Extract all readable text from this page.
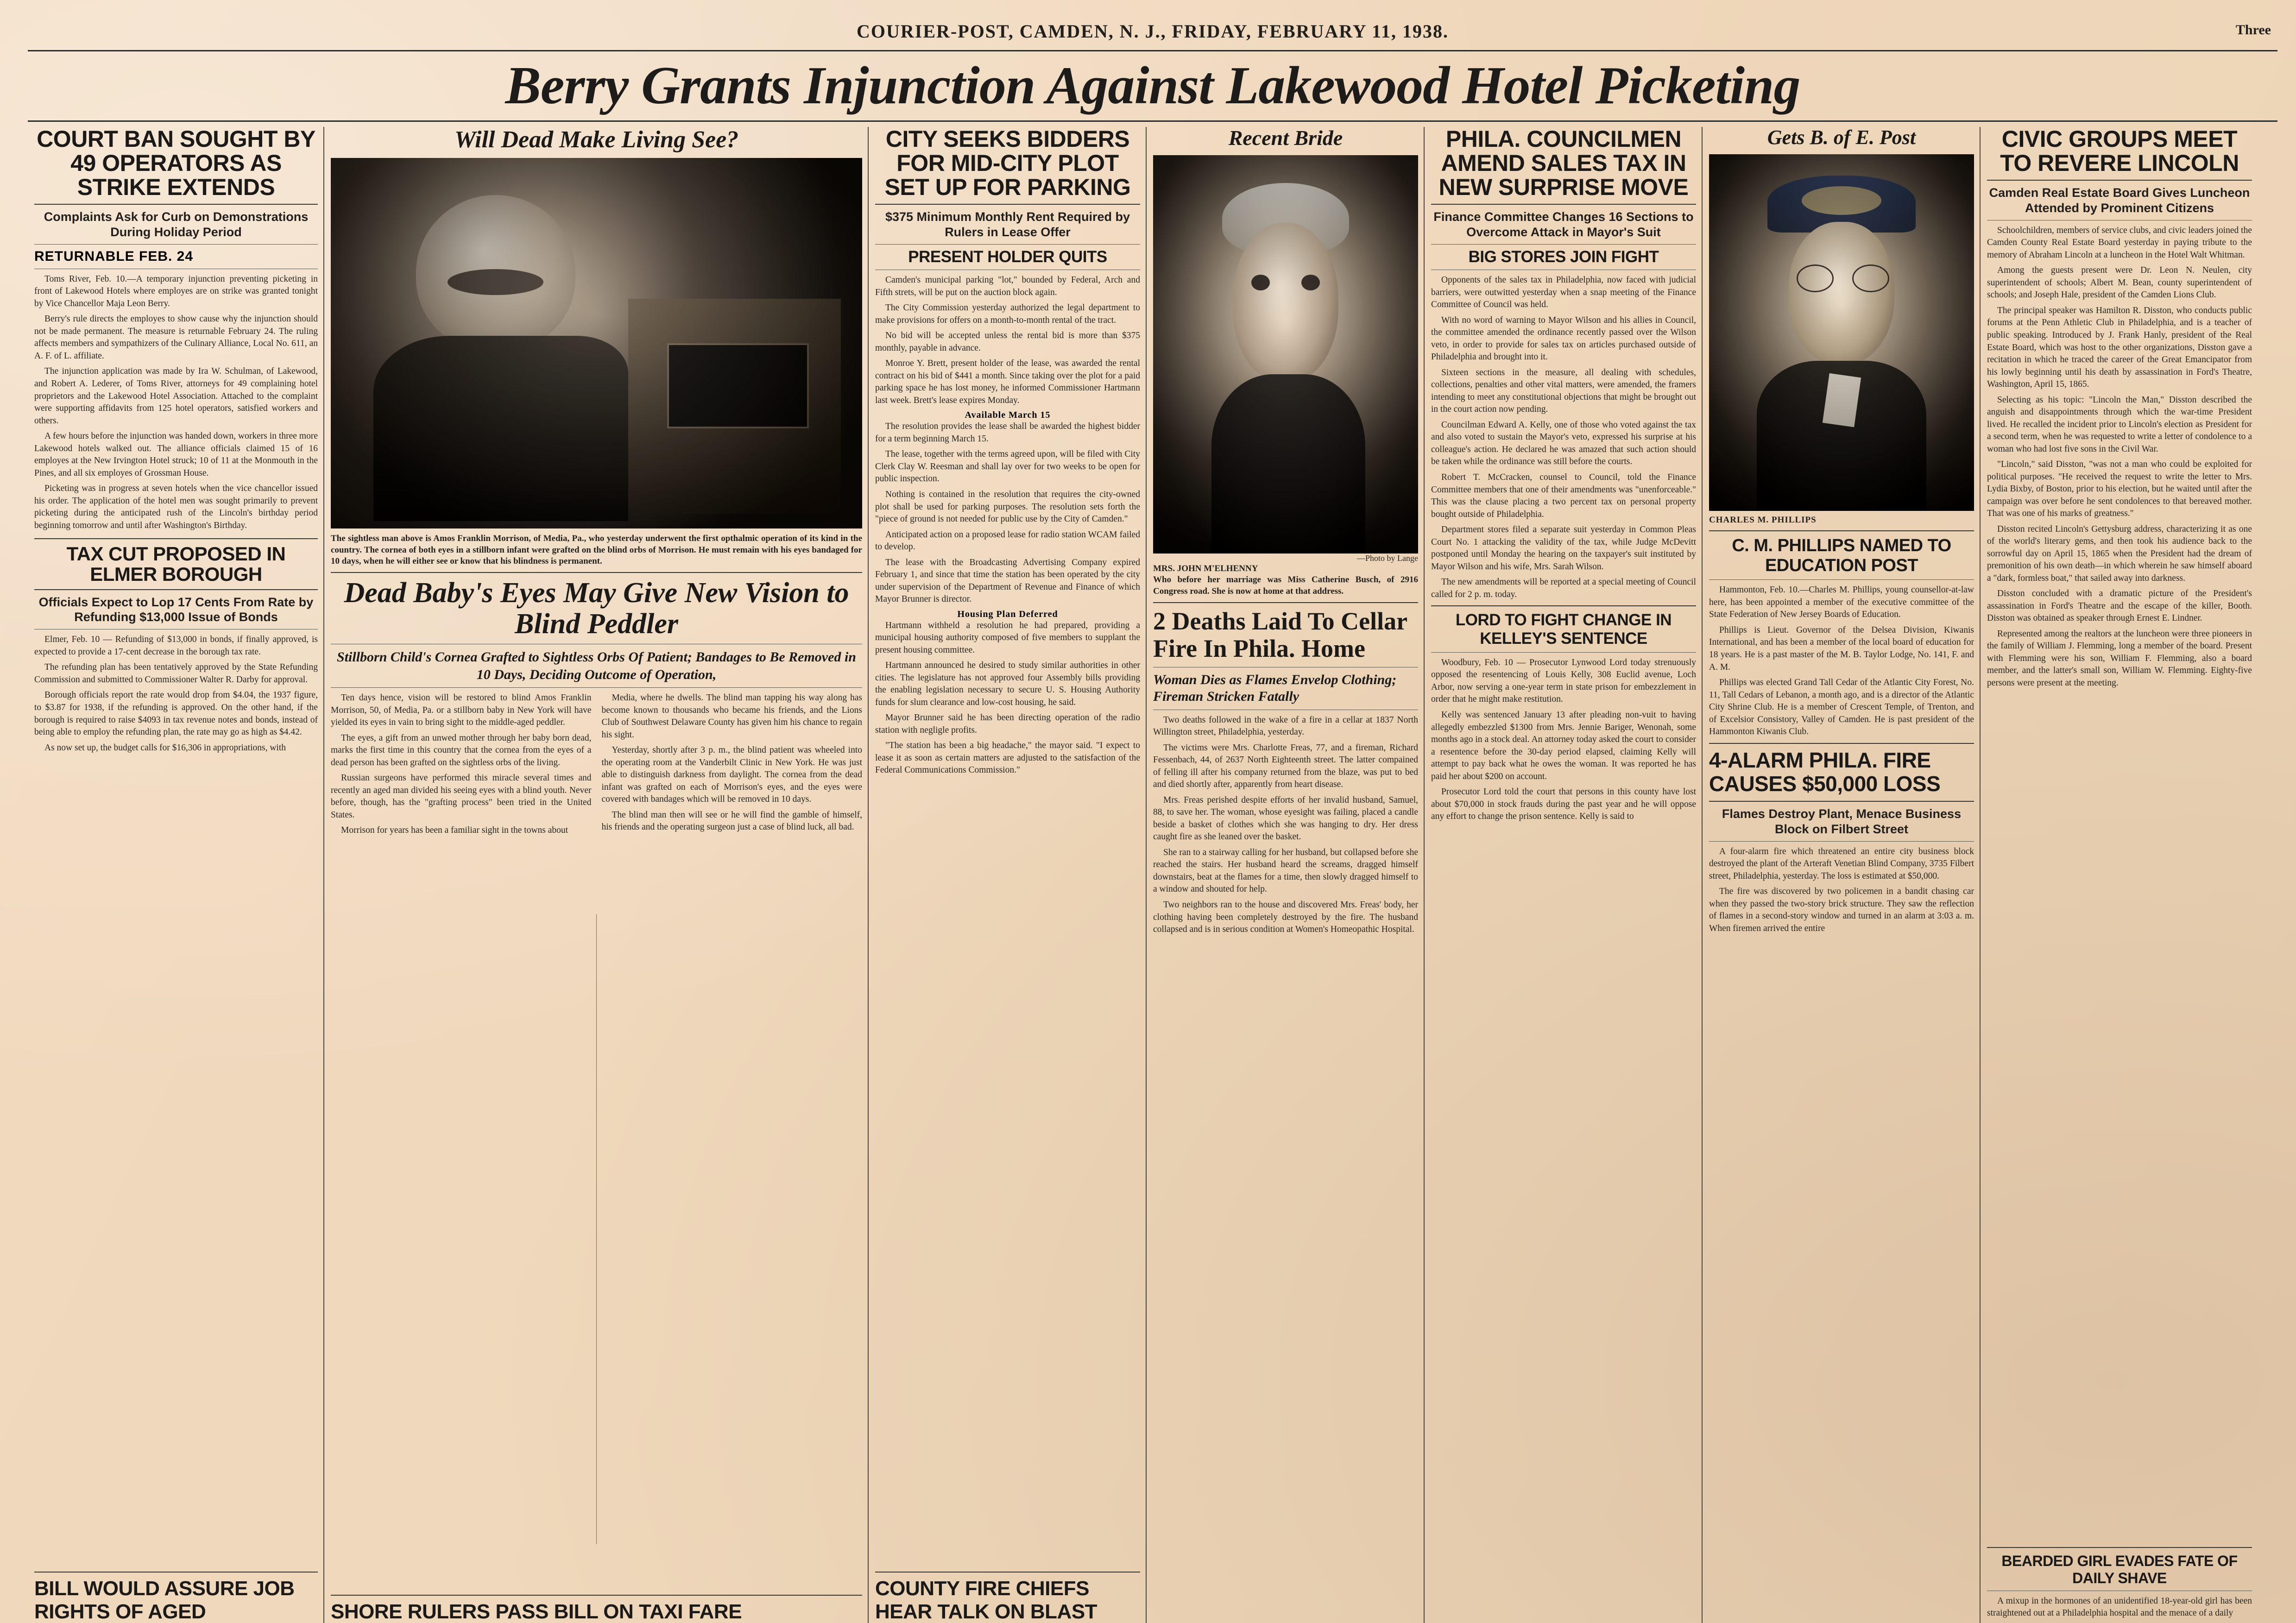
COURIER-POST, CAMDEN, N. J., FRIDAY, FEBRUARY 11, 1938.	Three
Berry Grants Injunction Against Lakewood Hotel Picketing
COURT BAN SOUGHT BY 49 OPERATORS AS STRIKE EXTENDS
Complaints Ask for Curb on Demonstrations During Holiday Period
RETURNABLE FEB. 24

Toms River, Feb. 10.—A temporary injunction preventing picketing in front of Lakewood Hotels where employes are on strike was granted tonight by Vice Chancellor Maja Leon Berry.

Berry's rule directs the employes to show cause why the injunction should not be made permanent. The measure is returnable February 24. The ruling affects members and sympathizers of the Culinary Alliance, Local No. 611, an A. F. of L. affiliate.

The injunction application was made by Ira W. Schulman, of Lakewood, and Robert A. Lederer, of Toms River, attorneys for 49 complaining hotel proprietors and the Lakewood Hotel Association. Attached to the complaint were supporting affidavits from 125 hotel operators, satisfied workers and others.

A few hours before the injunction was handed down, workers in three more Lakewood hotels walked out. The alliance officials claimed 15 of 16 employes at the New Irvington Hotel struck; 10 of 11 at the Monmouth in the Pines, and all six employes of Grossman House.

Picketing was in progress at seven hotels when the vice chancellor issued his order. The application of the hotel men was sought primarily to prevent picketing during the anticipated rush of the Lincoln's birthday period beginning tomorrow and until after Washington's Birthday.

TAX CUT PROPOSED IN ELMER BOROUGH
Officials Expect to Lop 17 Cents From Rate by Refunding $13,000 Issue of Bonds

Elmer, Feb. 10 — Refunding of $13,000 in bonds, if finally approved, is expected to provide a 17-cent decrease in the borough tax rate.

The refunding plan has been tentatively approved by the State Refunding Commission and submitted to Commissioner Walter R. Darby for approval.

Borough officials report the rate would drop from $4.04, the 1937 figure, to $3.87 for 1938, if the refunding is approved. On the other hand, if the borough is required to raise $4093 in tax revenue notes and bonds, instead of being able to employ the refunding plan, the rate may go as high as $4.42.

As now set up, the budget calls for $16,306 in appropriations, with

BILL WOULD ASSURE JOB RIGHTS OF AGED
Will Dead Make Living See?
The sightless man above is Amos Franklin Morrison, of Media, Pa., who yesterday underwent the first opthalmic operation of its kind in the country. The cornea of both eyes in a stillborn infant were grafted on the blind orbs of Morrison. He must remain with his eyes bandaged for 10 days, when he will either see or know that his blindness is permanent.
Dead Baby's Eyes May Give New Vision to Blind Peddler
Stillborn Child's Cornea Grafted to Sightless Orbs Of Patient; Bandages to Be Removed in 10 Days, Deciding Outcome of Operation,

Ten days hence, vision will be restored to blind Amos Franklin Morrison, 50, of Media, Pa. or a stillborn baby in New York will have yielded its eyes in vain to bring sight to the middle-aged peddler.

The eyes, a gift from an unwed mother through her baby born dead, marks the first time in this country that the cornea from the eyes of a dead person has been grafted on the sightless orbs of the living.

Russian surgeons have performed this miracle several times and recently an aged man divided his seeing eyes with a blind youth. Never before, though, has the "grafting process" been tried in the United States.

Morrison for years has been a familiar sight in the towns about

Media, where he dwells. The blind man tapping his way along has become known to thousands who became his friends, and the Lions Club of Southwest Delaware County has given him his chance to regain his sight.

Yesterday, shortly after 3 p. m., the blind patient was wheeled into the operating room at the Vanderbilt Clinic in New York. He was just able to distinguish darkness from daylight. The cornea from the dead infant was grafted on each of Morrison's eyes, and the eyes were covered with bandages which will be removed in 10 days.

The blind man then will see or he will find the gamble of himself, his friends and the operating surgeon just a case of blind luck, all bad.

SHORE RULERS PASS BILL ON TAXI FARE
CITY SEEKS BIDDERS FOR MID-CITY PLOT SET UP FOR PARKING
$375 Minimum Monthly Rent Required by Rulers in Lease Offer
PRESENT HOLDER QUITS

Camden's municipal parking "lot," bounded by Federal, Arch and Fifth strets, will be put on the auction block again.

The City Commission yesterday authorized the legal department to make provisions for offers on a month-to-month rental of the tract.

No bid will be accepted unless the rental bid is more than $375 monthly, payable in advance.

Monroe Y. Brett, present holder of the lease, was awarded the rental contract on his bid of $441 a month. Since taking over the plot for a paid parking space he has lost money, he informed Commissioner Hartmann last week. Brett's lease expires Monday.

Available March 15

The resolution provides the lease shall be awarded the highest bidder for a term beginning March 15.

The lease, together with the terms agreed upon, will be filed with City Clerk Clay W. Reesman and shall lay over for two weeks to be open for public inspection.

Nothing is contained in the resolution that requires the city-owned plot shall be used for parking purposes. The resolution sets forth the "piece of ground is not needed for public use by the City of Camden."

Anticipated action on a proposed lease for radio station WCAM failed to develop.

The lease with the Broadcasting Advertising Company expired February 1, and since that time the station has been operated by the city under supervision of the Department of Revenue and Finance of which Mayor Brunner is director.

Housing Plan Deferred

Hartmann withheld a resolution he had prepared, providing a municipal housing authority composed of five members to supplant the present housing committee.

Hartmann announced he desired to study similar authorities in other cities. The legislature has not approved four Assembly bills providing the enabling legislation necessary to secure U. S. Housing Authority funds for slum clearance and low-cost housing, he said.

Mayor Brunner said he has been directing operation of the radio station with negligle profits.

"The station has been a big headache," the mayor said. "I expect to lease it as soon as certain matters are adjusted to the satisfaction of the Federal Communications Commission."

COUNTY FIRE CHIEFS HEAR TALK ON BLAST
Recent Bride
—Photo by Lange
MRS. JOHN M'ELHENNY
Who before her marriage was Miss Catherine Busch, of 2916 Congress road. She is now at home at that address.
2 Deaths Laid To Cellar Fire In Phila. Home
Woman Dies as Flames Envelop Clothing; Fireman Stricken Fatally

Two deaths followed in the wake of a fire in a cellar at 1837 North Willington street, Philadelphia, yesterday.

The victims were Mrs. Charlotte Freas, 77, and a fireman, Richard Fessenbach, 44, of 2637 North Eighteenth street. The latter compained of felling ill after his company returned from the blaze, was put to bed and died shortly after, apparently from heart disease.

Mrs. Freas perished despite efforts of her invalid husband, Samuel, 88, to save her. The woman, whose eyesight was failing, placed a candle beside a basket of clothes which she was hanging to dry. Her dress caught fire as she leaned over the basket.

She ran to a stairway calling for her husband, but collapsed before she reached the stairs. Her husband heard the screams, dragged himself downstairs, beat at the flames for a time, then slowly dragged himself to a window and shouted for help.

Two neighbors ran to the house and discovered Mrs. Freas' body, her clothing having been completely destroyed by the fire. The husband collapsed and is in serious condition at Women's Homeopathic Hospital.

PHILA. COUNCILMEN AMEND SALES TAX IN NEW SURPRISE MOVE
Finance Committee Changes 16 Sections to Overcome Attack in Mayor's Suit
BIG STORES JOIN FIGHT

Opponents of the sales tax in Philadelphia, now faced with judicial barriers, were outwitted yesterday when a snap meeting of the Finance Committee of Council was held.

With no word of warning to Mayor Wilson and his allies in Council, the committee amended the ordinance recently passed over the Wilson veto, in order to provide for sales tax on articles purchased outside of Philadelphia and brought into it.

Sixteen sections in the measure, all dealing with schedules, collections, penalties and other vital matters, were amended, the framers intending to meet any constitutional objections that might be brought out in the court action now pending.

Councilman Edward A. Kelly, one of those who voted against the tax and also voted to sustain the Mayor's veto, expressed his surprise at his colleague's action. He declared he was amazed that such action should be taken while the ordinance was still before the courts.

Robert T. McCracken, counsel to Council, told the Finance Committee members that one of their amendments was "unenforceable." This was the clause placing a two percent tax on personal property bought outside of Philadelphia.

Department stores filed a separate suit yesterday in Common Pleas Court No. 1 attacking the validity of the tax, while Judge McDevitt postponed until Monday the hearing on the taxpayer's suit instituted by Mayor Wilson and his wife, Mrs. Sarah Wilson.

The new amendments will be reported at a special meeting of Council called for 2 p. m. today.

LORD TO FIGHT CHANGE IN KELLEY'S SENTENCE

Woodbury, Feb. 10 — Prosecutor Lynwood Lord today strenuously opposed the resentencing of Louis Kelly, 308 Euclid avenue, Loch Arbor, now serving a one-year term in state prison for embezzlement in order that he might make restitution.

Kelly was sentenced January 13 after pleading non-vuit to having allegedly embezzled $1300 from Mrs. Jennie Bariger, Wenonah, some months ago in a stock deal. An attorney today asked the court to consider a resentence before the 30-day period elapsed, claiming Kelly will attempt to pay back what he owes the woman. It was reported he has paid her about $200 on account.

Prosecutor Lord told the court that persons in this county have lost about $70,000 in stock frauds during the past year and he will oppose any effort to change the prison sentence. Kelly is said to

Gets B. of E. Post
CHARLES M. PHILLIPS
C. M. PHILLIPS NAMED TO EDUCATION POST

Hammonton, Feb. 10.—Charles M. Phillips, young counsellor-at-law here, has been appointed a member of the executive committee of the State Federation of New Jersey Boards of Education.

Phillips is Lieut. Governor of the Delsea Division, Kiwanis International, and has been a member of the local board of education for 18 years. He is a past master of the M. B. Taylor Lodge, No. 141, F. and A. M.

Phillips was elected Grand Tall Cedar of the Atlantic City Forest, No. 11, Tall Cedars of Lebanon, a month ago, and is a director of the Atlantic City Shrine Club. He is a member of Crescent Temple, of Trenton, and of Excelsior Consistory, Valley of Camden. He is past president of the Hammonton Kiwanis Club.

4-ALARM PHILA. FIRE CAUSES $50,000 LOSS
Flames Destroy Plant, Menace Business Block on Filbert Street

A four-alarm fire which threatened an entire city business block destroyed the plant of the Arteraft Venetian Blind Company, 3735 Filbert street, Philadelphia, yesterday. The loss is estimated at $50,000.

The fire was discovered by two policemen in a bandit chasing car when they passed the two-story brick structure. They saw the reflection of flames in a second-story window and turned in an alarm at 3:03 a. m. When firemen arrived the entire

CIVIC GROUPS MEET TO REVERE LINCOLN
Camden Real Estate Board Gives Luncheon Attended by Prominent Citizens

Schoolchildren, members of service clubs, and civic leaders joined the Camden County Real Estate Board yesterday in paying tribute to the memory of Abraham Lincoln at a luncheon in the Hotel Walt Whitman.

Among the guests present were Dr. Leon N. Neulen, city superintendent of schools; Albert M. Bean, county superintendent of schools; and Joseph Hale, president of the Camden Lions Club.

The principal speaker was Hamilton R. Disston, who conducts public forums at the Penn Athletic Club in Philadelphia, and is a teacher of public speaking. Introduced by J. Frank Hanly, president of the Real Estate Board, which was host to the other organizations, Disston gave a recitation in which he traced the career of the Great Emancipator from his lowly beginning until his death by assassination in Ford's Theatre, Washington, April 15, 1865.

Selecting as his topic: "Lincoln the Man," Disston described the anguish and disappointments through which the war-time President lived. He recalled the incident prior to Lincoln's election as President for a second term, when he was requested to write a letter of condolence to a woman who had lost five sons in the Civil War.

"Lincoln," said Disston, "was not a man who could be exploited for political purposes. "He received the request to write the letter to Mrs. Lydia Bixby, of Boston, prior to his election, but he waited until after the campaign was over before he sent condolences to that bereaved mother. That was one of his marks of greatness."

Disston recited Lincoln's Gettysburg address, characterizing it as one of the world's literary gems, and then took his audience back to the sorrowful day on April 15, 1865 when the President had the dream of premonition of his own death—in which wherein he saw himself aboard a "dark, formless boat," that sailed away into darkness.

Disston concluded with a dramatic picture of the President's assassination in Ford's Theatre and the escape of the killer, Booth. Disston was obtained as speaker through Ernest E. Lindner.

Represented among the realtors at the luncheon were three pioneers in the family of William J. Flemming, long a member of the board. Present with Flemming were his son, William F. Flemming, also a board member, and the latter's small son, William W. Flemming. Eighty-five persons were present at the meeting.

BEARDED GIRL EVADES FATE OF DAILY SHAVE

A mixup in the hormones of an unidentified 18-year-old girl has been straightened out at a Philadelphia hospital and the menace of a daily
